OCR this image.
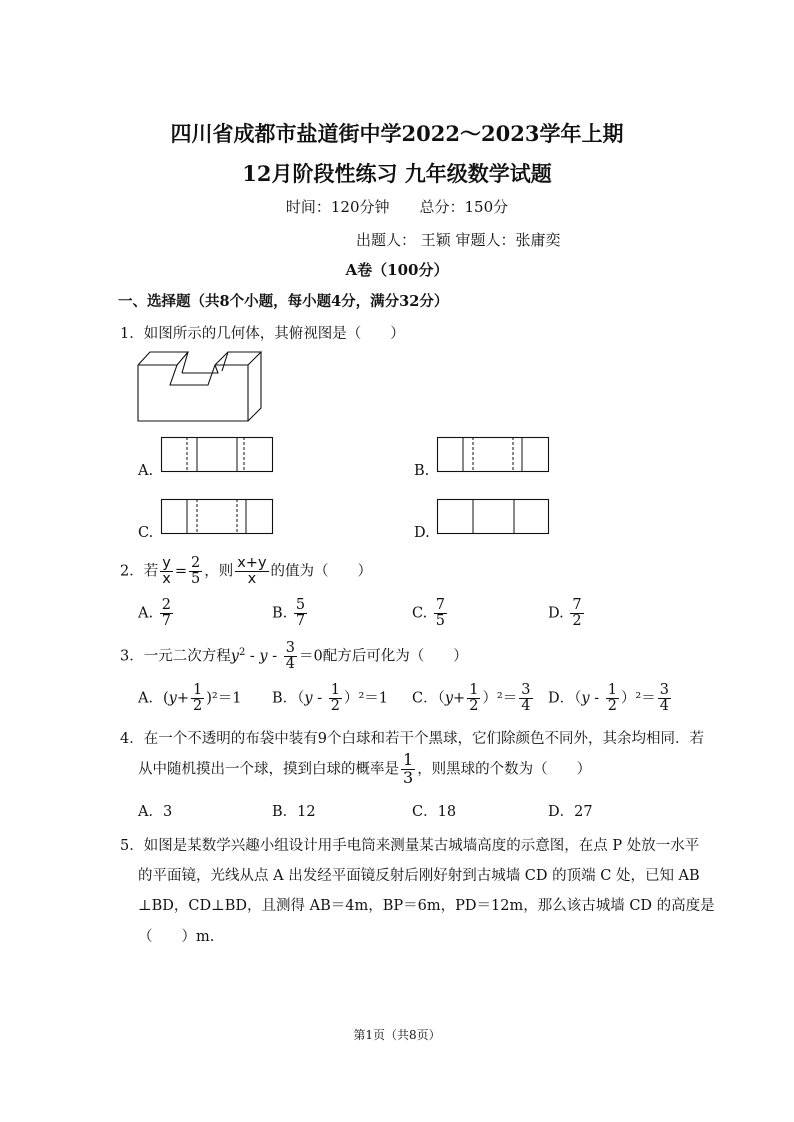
四川省成都市盐道街中学2022～2023学年上期
12月阶段性练习 九年级数学试题
时间：120分钟　　总分：150分
出题人： 王颖 审题人：张庸奕
A卷（100分）
一、选择题（共8个小题，每小题4分，满分32分）
1．如图所示的几何体，其俯视图是（　　）
A.	B.
C.	D.
2．若 $\frac{y}{x} = \frac{2}{5}$ ，则 $\frac{x+y}{x}$ 的值为（　　）
A. $\frac{2}{7}$	B. $\frac{5}{7}$	C. $\frac{7}{5}$	D. $\frac{7}{2}$
3．一元二次方程$y^2 - y - \frac{3}{4} =0$配方后可化为（　　）
A．$(y+ \frac{1}{2} )^2=1$ B．$(y - \frac{1}{2} )^2=1$ C．$(y+ \frac{1}{2} )^2= \frac{3}{4}$ D．$(y - \frac{1}{2} )^2= \frac{3}{4}$
4．在一个不透明的布袋中装有9个白球和若干个黑球，它们除颜色不同外，其余均相同．若
从中随机摸出一个球，摸到白球的概率是 $\frac{1}{3}$ ，则黑球的个数为（　　）
A．3	B．12	C．18	D．27
5．如图是某数学兴趣小组设计用手电筒来测量某古城墙高度的示意图，在点 P 处放一水平
的平面镜，光线从点 A 出发经平面镜反射后刚好射到古城墙 CD 的顶端 C 处，已知 AB
⊥BD，CD⊥BD，且测得 AB＝4m，BP＝6m，PD＝12m，那么该古城墙 CD 的高度是
（　　）m.
第1页（共8页）
